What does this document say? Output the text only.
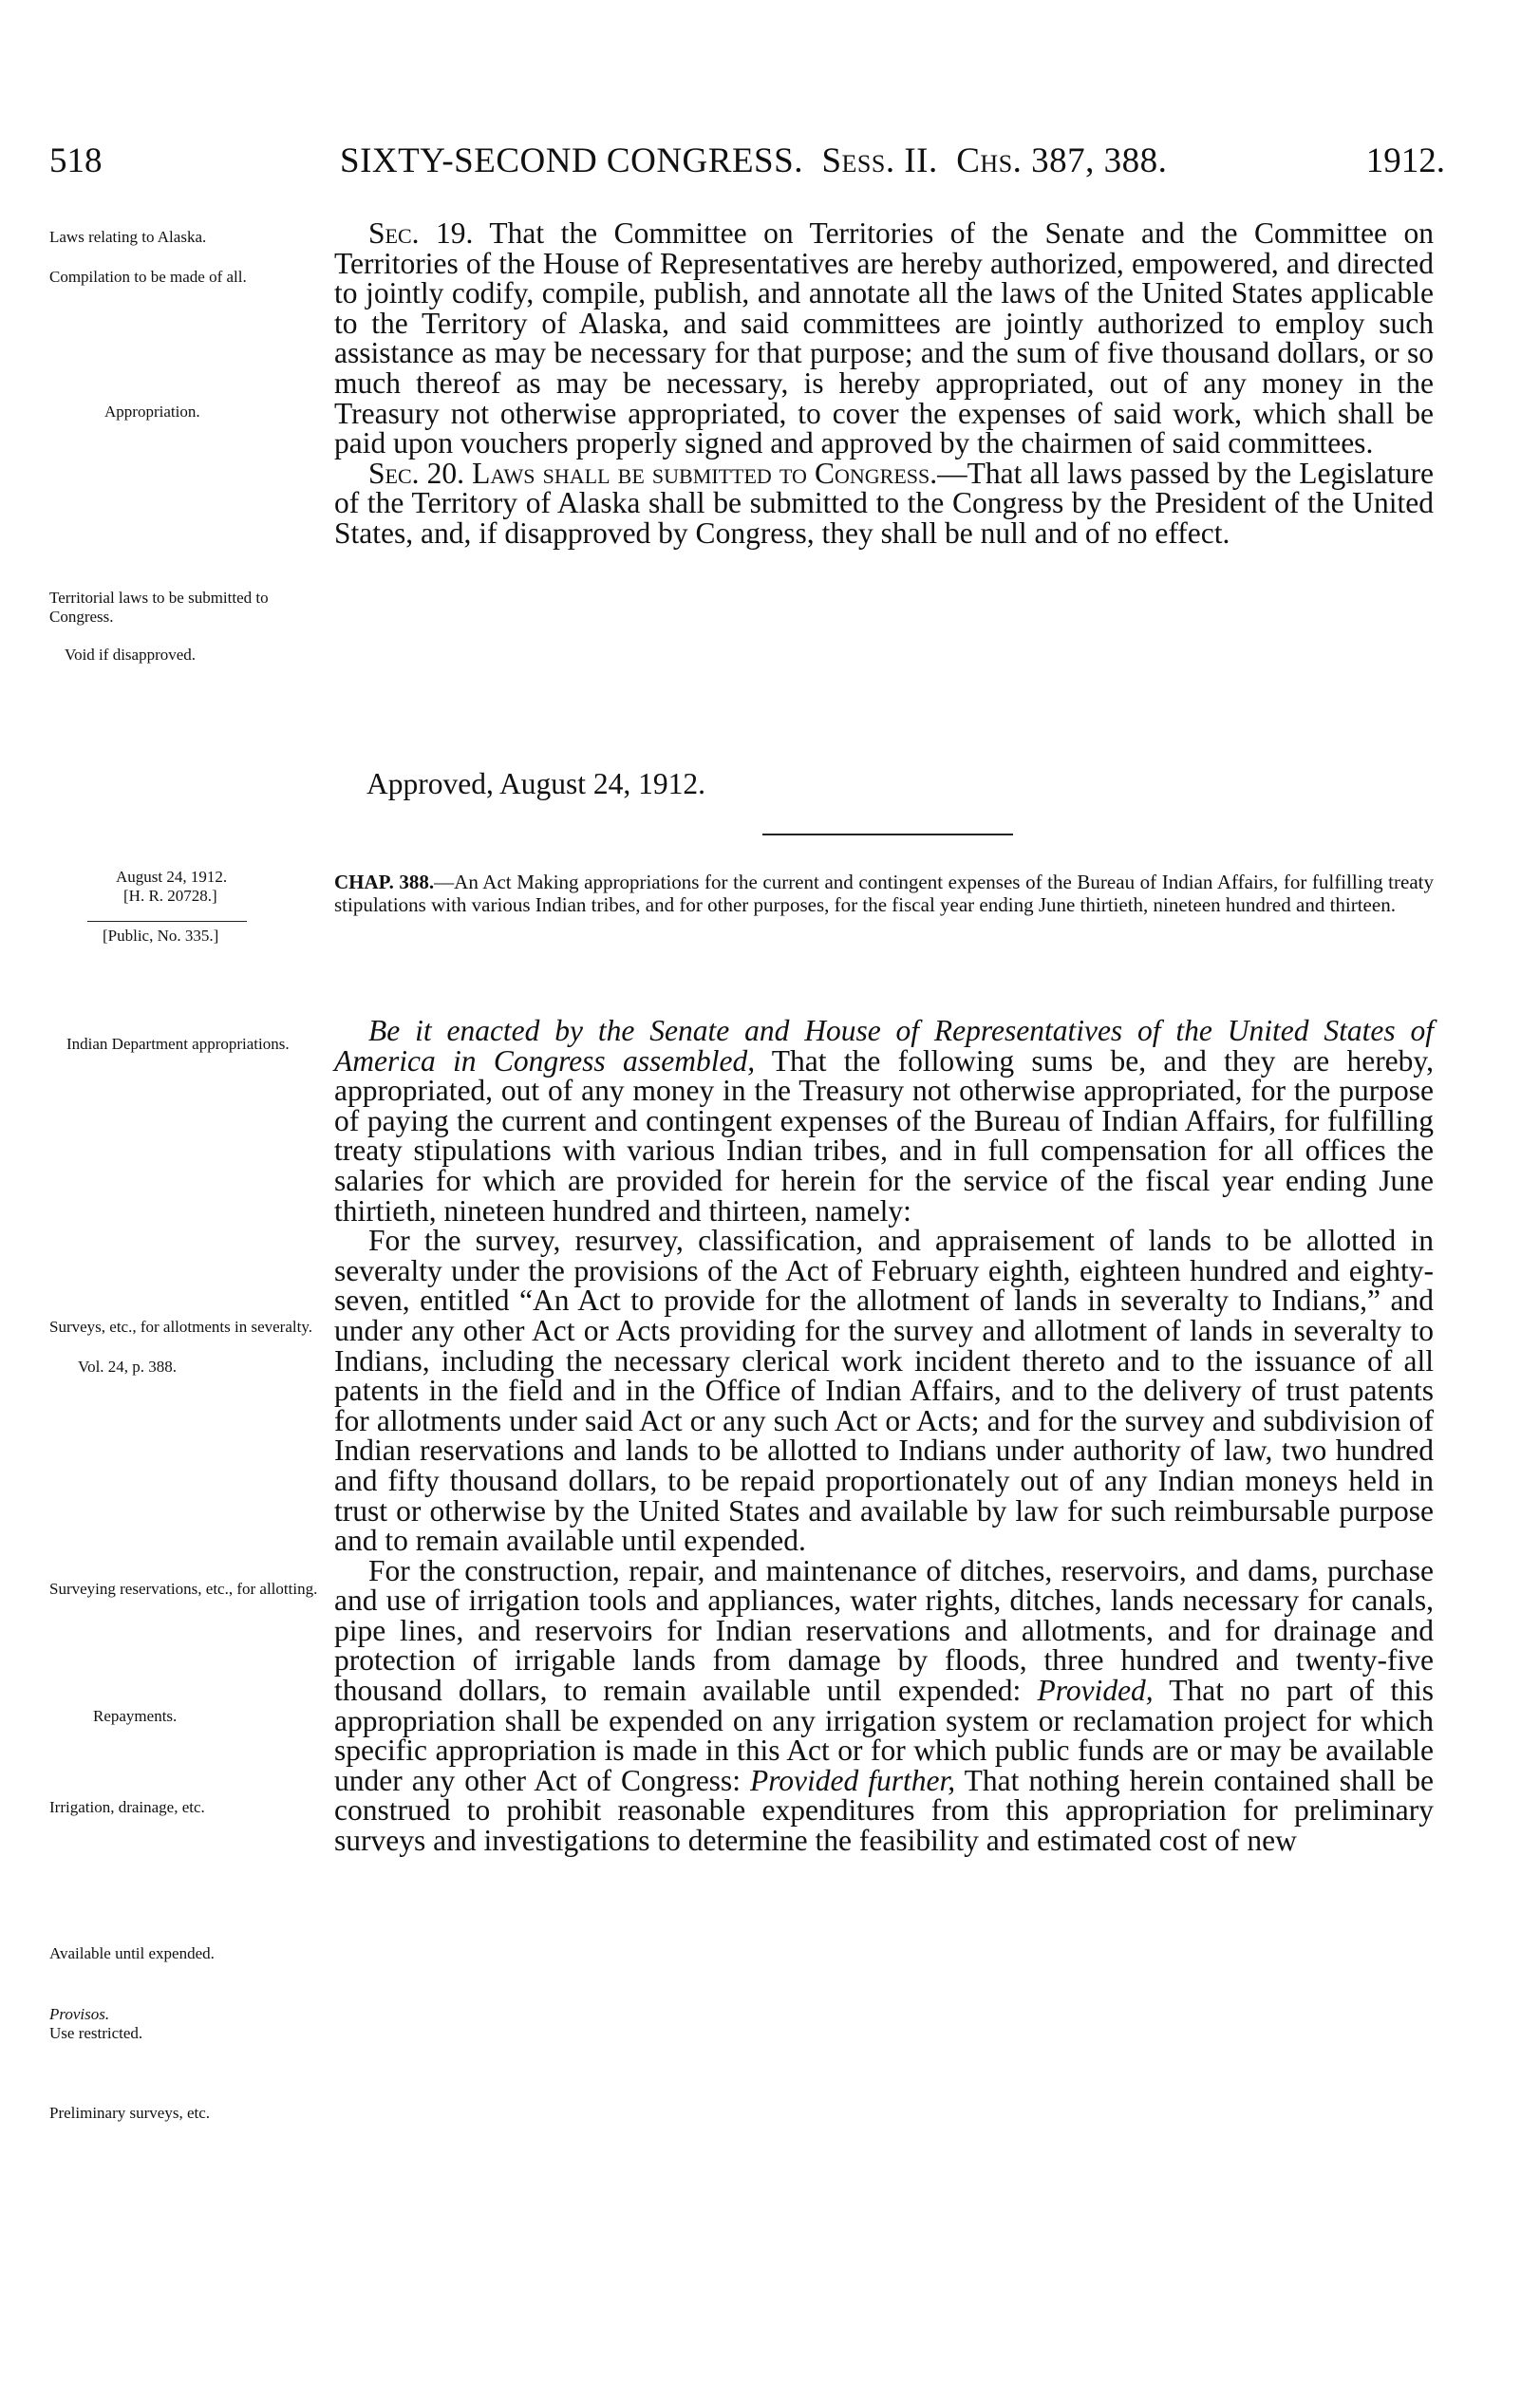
518	SIXTY-SECOND CONGRESS. Sess. II. Chs. 387, 388.	1912.
Laws relating to Alaska.
Compilation to be made of all.
Appropriation.
Territorial laws to be submitted to Congress.
Void if disapproved.
August 24, 1912.
[H. R. 20728.]
[Public, No. 335.]
Indian Department appropriations.
Surveys, etc., for allotments in severalty.
Vol. 24, p. 388.
Surveying reservations, etc., for allotting.
Repayments.
Irrigation, drainage, etc.
Available until expended.
Provisos.
Use restricted.
Preliminary surveys, etc.

Sec. 19. That the Committee on Territories of the Senate and the Committee on Territories of the House of Representatives are hereby authorized, empowered, and directed to jointly codify, compile, publish, and annotate all the laws of the United States applicable to the Territory of Alaska, and said committees are jointly authorized to employ such assistance as may be necessary for that purpose; and the sum of five thousand dollars, or so much thereof as may be necessary, is hereby appropriated, out of any money in the Treasury not otherwise appropriated, to cover the expenses of said work, which shall be paid upon vouchers properly signed and approved by the chairmen of said committees.

Sec. 20. Laws shall be submitted to Congress.—That all laws passed by the Legislature of the Territory of Alaska shall be submitted to the Congress by the President of the United States, and, if disapproved by Congress, they shall be null and of no effect.

Approved, August 24, 1912.
CHAP. 388.—An Act Making appropriations for the current and contingent expenses of the Bureau of Indian Affairs, for fulfilling treaty stipulations with various Indian tribes, and for other purposes, for the fiscal year ending June thirtieth, nineteen hundred and thirteen.

Be it enacted by the Senate and House of Representatives of the United States of America in Congress assembled, That the following sums be, and they are hereby, appropriated, out of any money in the Treasury not otherwise appropriated, for the purpose of paying the current and contingent expenses of the Bureau of Indian Affairs, for fulfilling treaty stipulations with various Indian tribes, and in full compensation for all offices the salaries for which are provided for herein for the service of the fiscal year ending June thirtieth, nineteen hundred and thirteen, namely:

For the survey, resurvey, classification, and appraisement of lands to be allotted in severalty under the provisions of the Act of February eighth, eighteen hundred and eighty-seven, entitled “An Act to provide for the allotment of lands in severalty to Indians,” and under any other Act or Acts providing for the survey and allotment of lands in severalty to Indians, including the necessary clerical work incident thereto and to the issuance of all patents in the field and in the Office of Indian Affairs, and to the delivery of trust patents for allotments under said Act or any such Act or Acts; and for the survey and subdivision of Indian reservations and lands to be allotted to Indians under authority of law, two hundred and fifty thousand dollars, to be repaid proportionately out of any Indian moneys held in trust or otherwise by the United States and available by law for such reimbursable purpose and to remain available until expended.

For the construction, repair, and maintenance of ditches, reservoirs, and dams, purchase and use of irrigation tools and appliances, water rights, ditches, lands necessary for canals, pipe lines, and reservoirs for Indian reservations and allotments, and for drainage and protection of irrigable lands from damage by floods, three hundred and twenty-five thousand dollars, to remain available until expended: Provided, That no part of this appropriation shall be expended on any irrigation system or reclamation project for which specific appropriation is made in this Act or for which public funds are or may be available under any other Act of Congress: Provided further, That nothing herein contained shall be construed to prohibit reasonable expenditures from this appropriation for preliminary surveys and investigations to determine the feasibility and estimated cost of new
